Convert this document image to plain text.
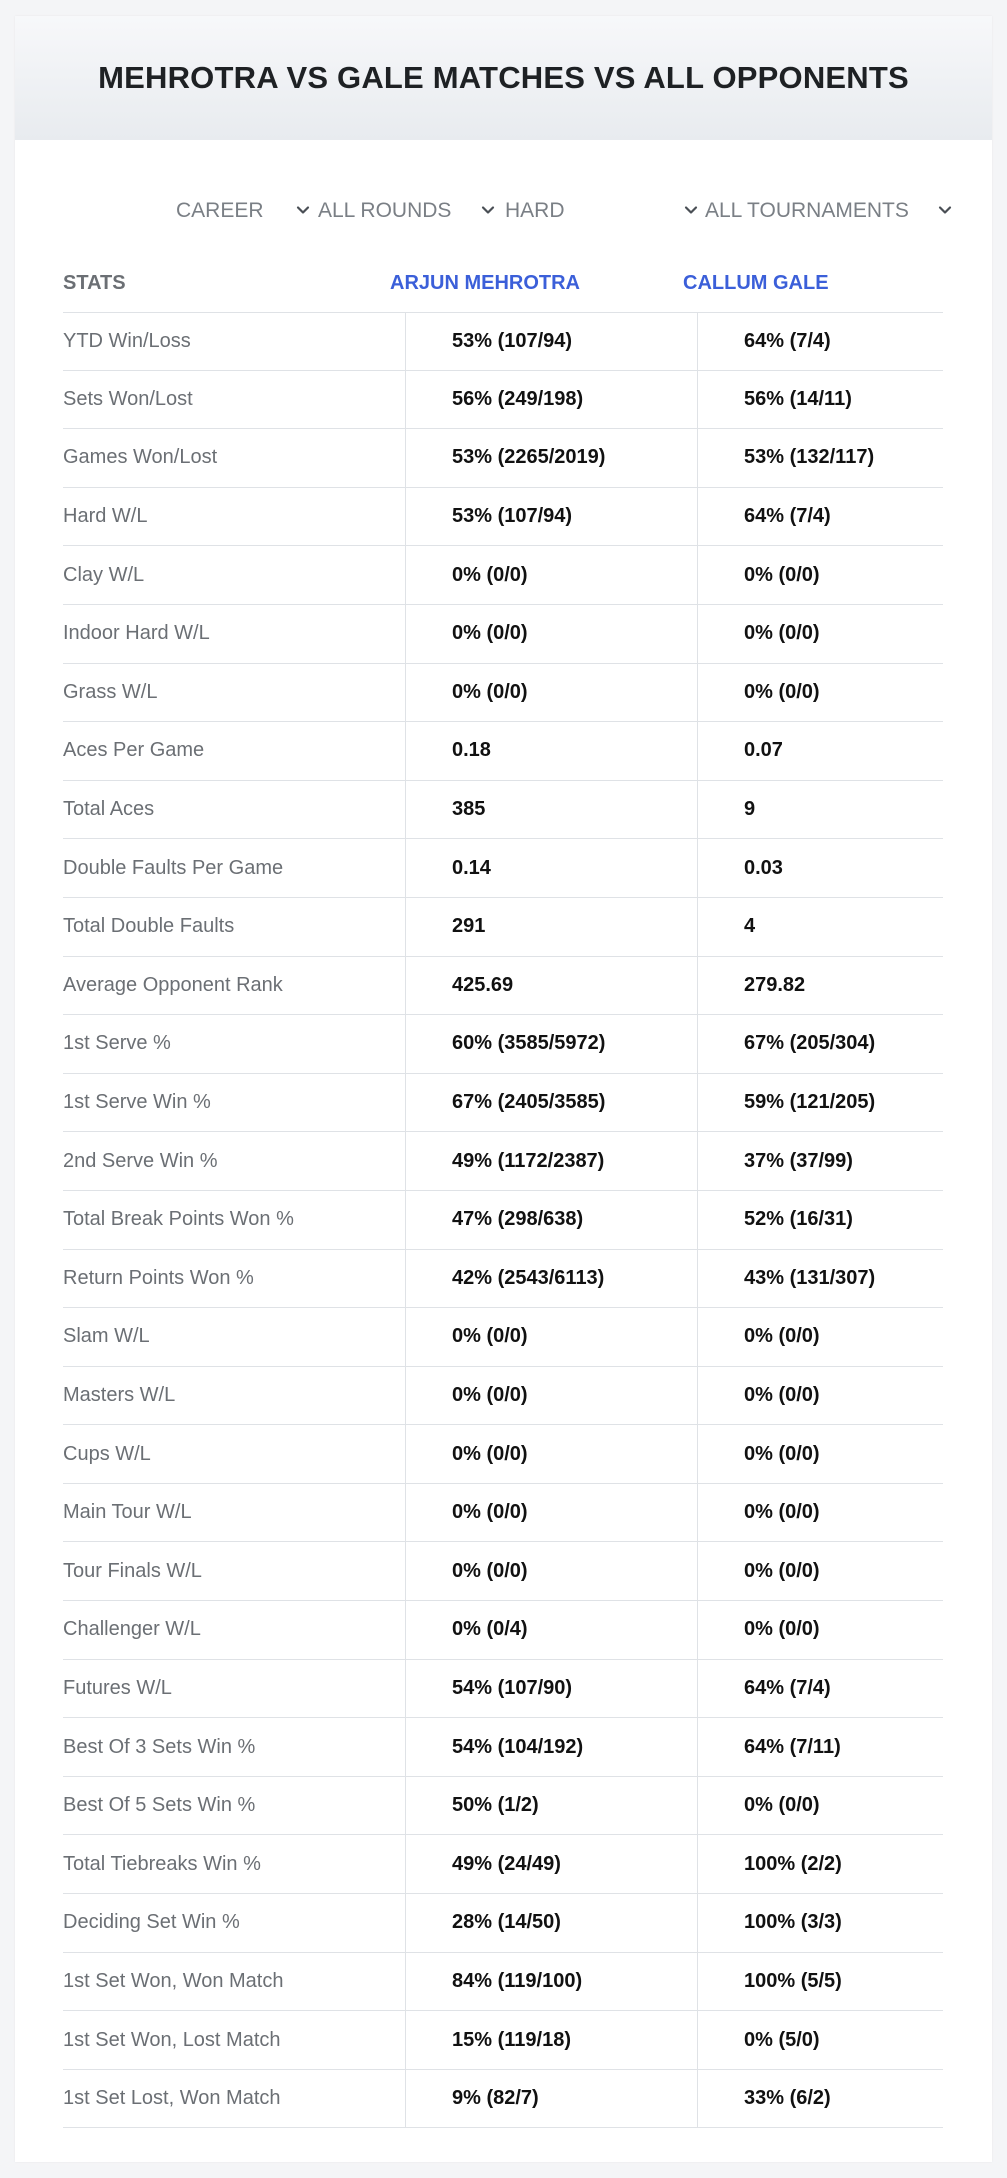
MEHROTRA VS GALE MATCHES VS ALL OPPONENTS
CAREER	ALL ROUNDS	HARD	ALL TOURNAMENTS
STATS	ARJUN MEHROTRA	CALLUM GALE
YTD Win/Loss	53% (107/94)	64% (7/4)
Sets Won/Lost	56% (249/198)	56% (14/11)
Games Won/Lost	53% (2265/2019)	53% (132/117)
Hard W/L	53% (107/94)	64% (7/4)
Clay W/L	0% (0/0)	0% (0/0)
Indoor Hard W/L	0% (0/0)	0% (0/0)
Grass W/L	0% (0/0)	0% (0/0)
Aces Per Game	0.18	0.07
Total Aces	385	9
Double Faults Per Game	0.14	0.03
Total Double Faults	291	4
Average Opponent Rank	425.69	279.82
1st Serve %	60% (3585/5972)	67% (205/304)
1st Serve Win %	67% (2405/3585)	59% (121/205)
2nd Serve Win %	49% (1172/2387)	37% (37/99)
Total Break Points Won %	47% (298/638)	52% (16/31)
Return Points Won %	42% (2543/6113)	43% (131/307)
Slam W/L	0% (0/0)	0% (0/0)
Masters W/L	0% (0/0)	0% (0/0)
Cups W/L	0% (0/0)	0% (0/0)
Main Tour W/L	0% (0/0)	0% (0/0)
Tour Finals W/L	0% (0/0)	0% (0/0)
Challenger W/L	0% (0/4)	0% (0/0)
Futures W/L	54% (107/90)	64% (7/4)
Best Of 3 Sets Win %	54% (104/192)	64% (7/11)
Best Of 5 Sets Win %	50% (1/2)	0% (0/0)
Total Tiebreaks Win %	49% (24/49)	100% (2/2)
Deciding Set Win %	28% (14/50)	100% (3/3)
1st Set Won, Won Match	84% (119/100)	100% (5/5)
1st Set Won, Lost Match	15% (119/18)	0% (5/0)
1st Set Lost, Won Match	9% (82/7)	33% (6/2)
